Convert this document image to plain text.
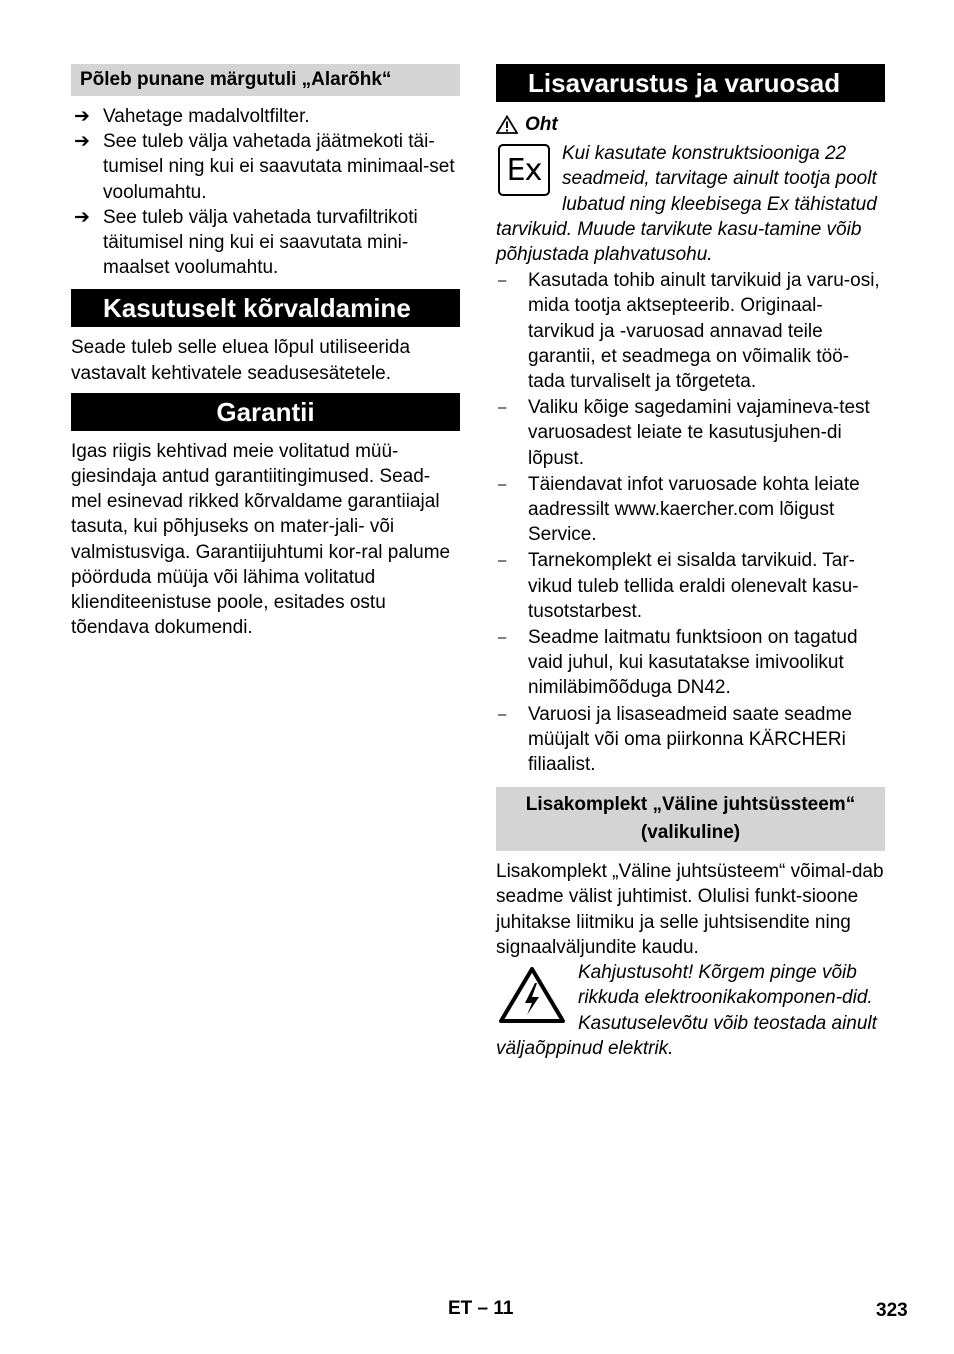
Põleb punane märgutuli „Alarõhk“
➔ Vahetage madalvoltfilter.
➔ See tuleb välja vahetada jäätmekoti täi-tumisel ning kui ei saavutata minimaal-set voolumahtu.
➔ See tuleb välja vahetada turvafiltrikoti täitumisel ning kui ei saavutata mini-maalset voolumahtu.
Kasutuselt kõrvaldamine

Seade tuleb selle eluea lõpul utiliseerida vastavalt kehtivatele seadusesätetele.

Garantii

Igas riigis kehtivad meie volitatud müü-giesindaja antud garantiitingimused. Sead-mel esinevad rikked kõrvaldame garantiiajal tasuta, kui põhjuseks on mater-jali- või valmistusviga. Garantiijuhtumi kor-ral palume pöörduda müüja või lähima volitatud klienditeenistuse poole, esitades ostu tõendava dokumendi.

Lisavarustus ja varuosad
Oht
Ex	Kui kasutate konstruktsiooniga 22 seadmeid, tarvitage ainult tootja poolt lubatud ning kleebisega Ex tähistatud tarvikuid. Muude tarvikute kasu-tamine võib põhjustada plahvatusohu.

– Kasutada tohib ainult tarvikuid ja varu-osi, mida tootja aktsepteerib. Originaal-tarvikud ja -varuosad annavad teile garantii, et seadmega on võimalik töö-tada turvaliselt ja tõrgeteta.
– Valiku kõige sagedamini vajamineva-test varuosadest leiate te kasutusjuhen-di lõpust.
– Täiendavat infot varuosade kohta leiate aadressilt www.kaercher.com lõigust Service.
– Tarnekomplekt ei sisalda tarvikuid. Tar-vikud tuleb tellida eraldi olenevalt kasu-tusotstarbest.
– Seadme laitmatu funktsioon on tagatud vaid juhul, kui kasutatakse imivoolikut nimiläbimõõduga DN42.
– Varuosi ja lisaseadmeid saate seadme müüjalt või oma piirkonna KÄRCHERi filiaalist.
Lisakomplekt „Väline juhtsüssteem“ (valikuline)

Lisakomplekt „Väline juhtsüsteem“ võimal-dab seadme välist juhtimist. Olulisi funkt-sioone juhitakse liitmiku ja selle juhtsisendite ning signaalväljundite kaudu.

Kahjustusoht! Kõrgem pinge võib rikkuda elektroonikakomponen-did. Kasutuselevõtu võib teostada ainult väljaõppinud elektrik.

ET – 11	323
